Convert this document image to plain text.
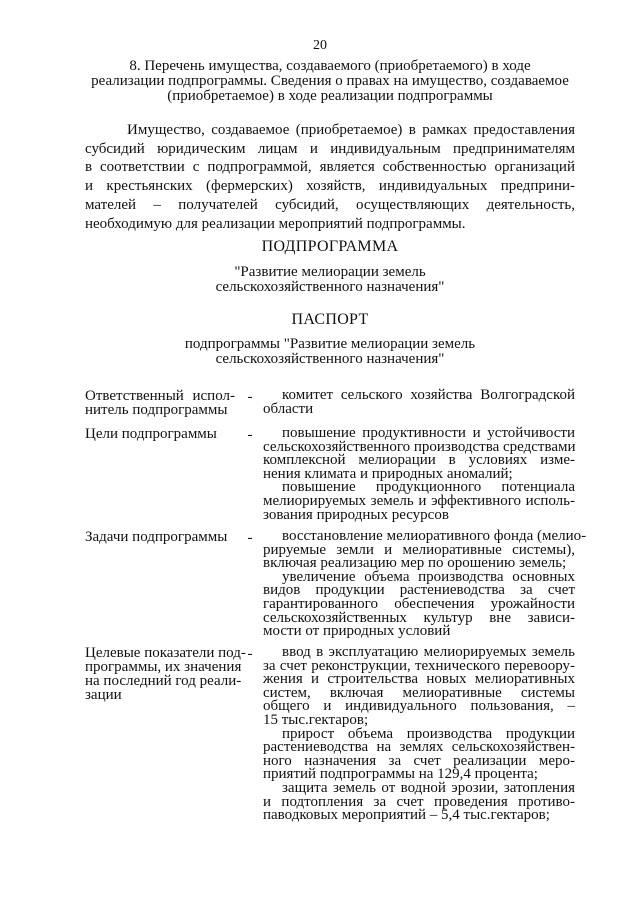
20
8. Перечень имущества, создаваемого (приобретаемого) в ходе
реализации подпрограммы. Сведения о правах на имущество, создаваемое
(приобретаемое) в ходе реализации подпрограммы
Имущество, создаваемое (приобретаемое) в рамках предоставления
субсидий юридическим лицам и индивидуальным предпринимателям
в соответствии с подпрограммой, является собственностью организаций
и крестьянских (фермерских) хозяйств, индивидуальных предприни-
мателей – получателей субсидий, осуществляющих деятельность,
необходимую для реализации мероприятий подпрограммы.
ПОДПРОГРАММА
"Развитие мелиорации земель
сельскохозяйственного назначения"
ПАСПОРТ
подпрограммы "Развитие мелиорации земель
сельскохозяйственного назначения"
Ответственный испол-
нитель подпрограммы
-	комитет сельского хозяйства Волгоградской
области
Цели подпрограммы	-	повышение продуктивности и устойчивости
сельскохозяйственного производства средствами
комплексной мелиорации в условиях изме-
нения климата и природных аномалий;
повышение продукционного потенциала
мелиорируемых земель и эффективного исполь-
зования природных ресурсов
Задачи подпрограммы	-	восстановление мелиоративного фонда (мелио-
рируемые земли и мелиоративные системы),
включая реализацию мер по орошению земель;
увеличение объема производства основных
видов продукции растениеводства за счет
гарантированного обеспечения урожайности
сельскохозяйственных культур вне зависи-
мости от природных условий
Целевые показатели под-
программы, их значения
на последний год реали-
зации
-	ввод в эксплуатацию мелиорируемых земель
за счет реконструкции, технического перевоору-
жения и строительства новых мелиоративных
систем, включая мелиоративные системы
общего и индивидуального пользования, –
15 тыс.гектаров;
прирост объема производства продукции
растениеводства на землях сельскохозяйствен-
ного назначения за счет реализации меро-
приятий подпрограммы на 129,4 процента;
защита земель от водной эрозии, затопления
и подтопления за счет проведения противо-
паводковых мероприятий – 5,4 тыс.гектаров;
